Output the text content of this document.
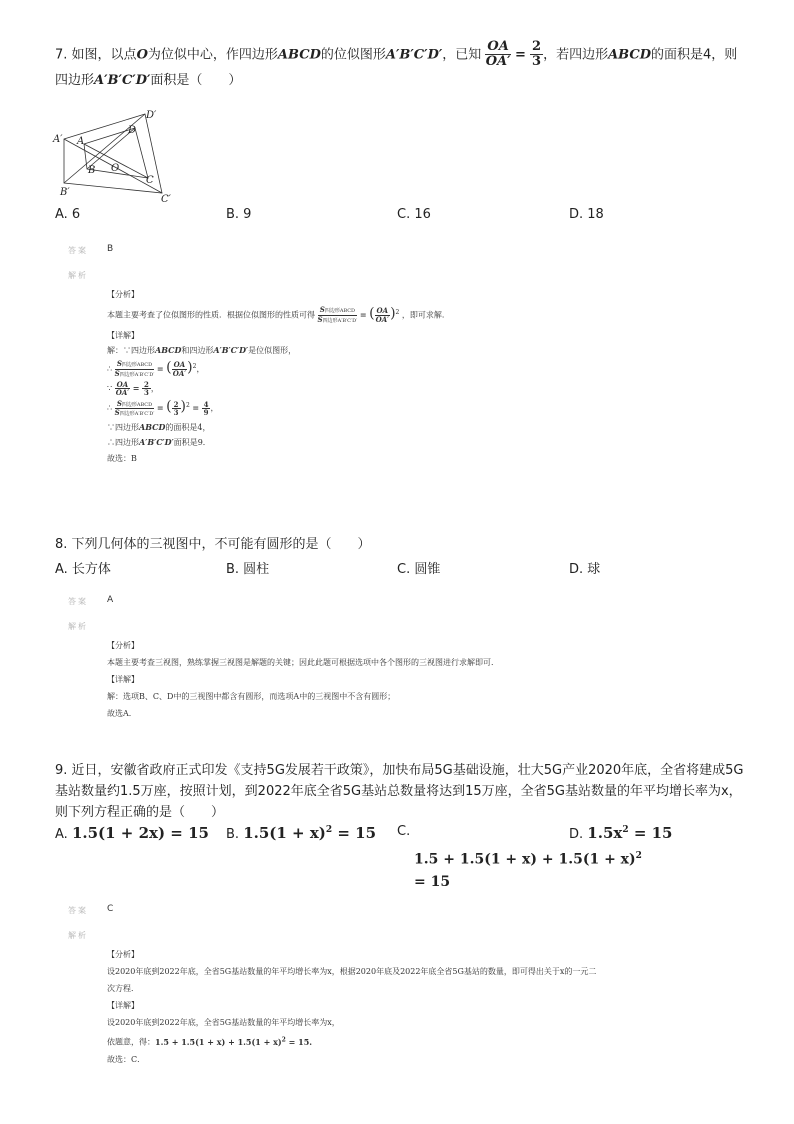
7. 如图，以点O为位似中心，作四边形ABCD的位似图形A′B′C′D′，已知 $\frac{OA}{OA'} = \frac{2}{3}$ ，若四边形ABCD的面积是4，则
四边形A′B′C′D′面积是（　　）
A′ A
D
D′
B O
C
B′
C′
A. 6	B. 9	C. 16	D. 18
答案 B
解析
【分析】
本题主要考查了位似图形的性质．根据位似图形的性质可得 $\frac{\text{S四边形ABCD}}{\text{S四边形A′B′C′D′}}$ = ( $\frac{OA}{OA'} )^2$ ，即可求解．
【详解】
解：∵四边形ABCD和四边形A′B′C′D′是位似图形，
∴ $\frac{\text{S四边形ABCD}}{\text{S四边形A′B′C′D′}}$ = ( $\frac{OA}{OA'} )^2$，
∵ $\frac{OA}{OA'} = \frac{2}{3}$ ，
∴ $\frac{\text{S四边形ABCD}}{\text{S四边形A′B′C′D′}}$ = ( $\frac{2}{3} )^2 = \frac{4}{9}$ ，
∵四边形ABCD的面积是4，
∴四边形A′B′C′D′面积是9．
故选：B
8. 下列几何体的三视图中，不可能有圆形的是（　　）
A. 长方体	B. 圆柱	C. 圆锥	D. 球
答案 A
解析
【分析】
本题主要考查三视图，熟练掌握三视图是解题的关键；因此此题可根据选项中各个图形的三视图进行求解即可．
【详解】
解：选项B、C、D中的三视图中都含有圆形，而选项A中的三视图中不含有圆形；
故选A．
9. 近日，安徽省政府正式印发《支持5G发展若干政策》，加快布局5G基础设施，壮大5G产业2020年底，全省将建成5G
基站数量约1.5万座，按照计划，到2022年底全省5G基站总数量将达到15万座，全省5G基站数量的年平均增长率为x，
则下列方程正确的是（　　）
A. 1.5(1 + 2x) = 15 B. $1.5(1 + x)^2 = 15$ C.
$1.5 + 1.5(1 + x) + 1.5(1 + x)^2$
= 15
D. $1.5x^2 = 15$
答案 C
解析
【分析】
设2020年底到2022年底，全省5G基站数量的年平均增长率为x，根据2020年底及2022年底全省5G基站的数量，即可得出关于x的一元二
次方程．
【详解】
设2020年底到2022年底，全省5G基站数量的年平均增长率为x，
依题意，得：$1.5 + 1.5(1 + x) + 1.5(1 + x)^2 = 15$.
故选：C．
